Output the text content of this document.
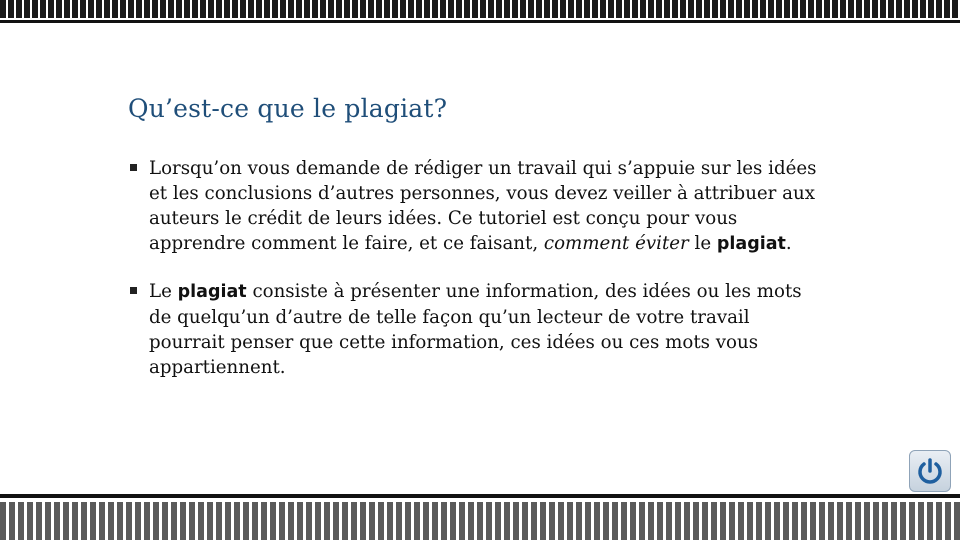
Qu’est-ce que le plagiat?
Lorsqu’on vous demande de rédiger un travail qui s’appuie sur les idées et les conclusions d’autres personnes, vous devez veiller à attribuer aux auteurs le crédit de leurs idées. Ce tutoriel est conçu pour vous apprendre comment le faire, et ce faisant, comment éviter le plagiat.
Le plagiat consiste à présenter une information, des idées ou les mots de quelqu’un d’autre de telle façon qu’un lecteur de votre travail pourrait penser que cette information, ces idées ou ces mots vous appartiennent.
